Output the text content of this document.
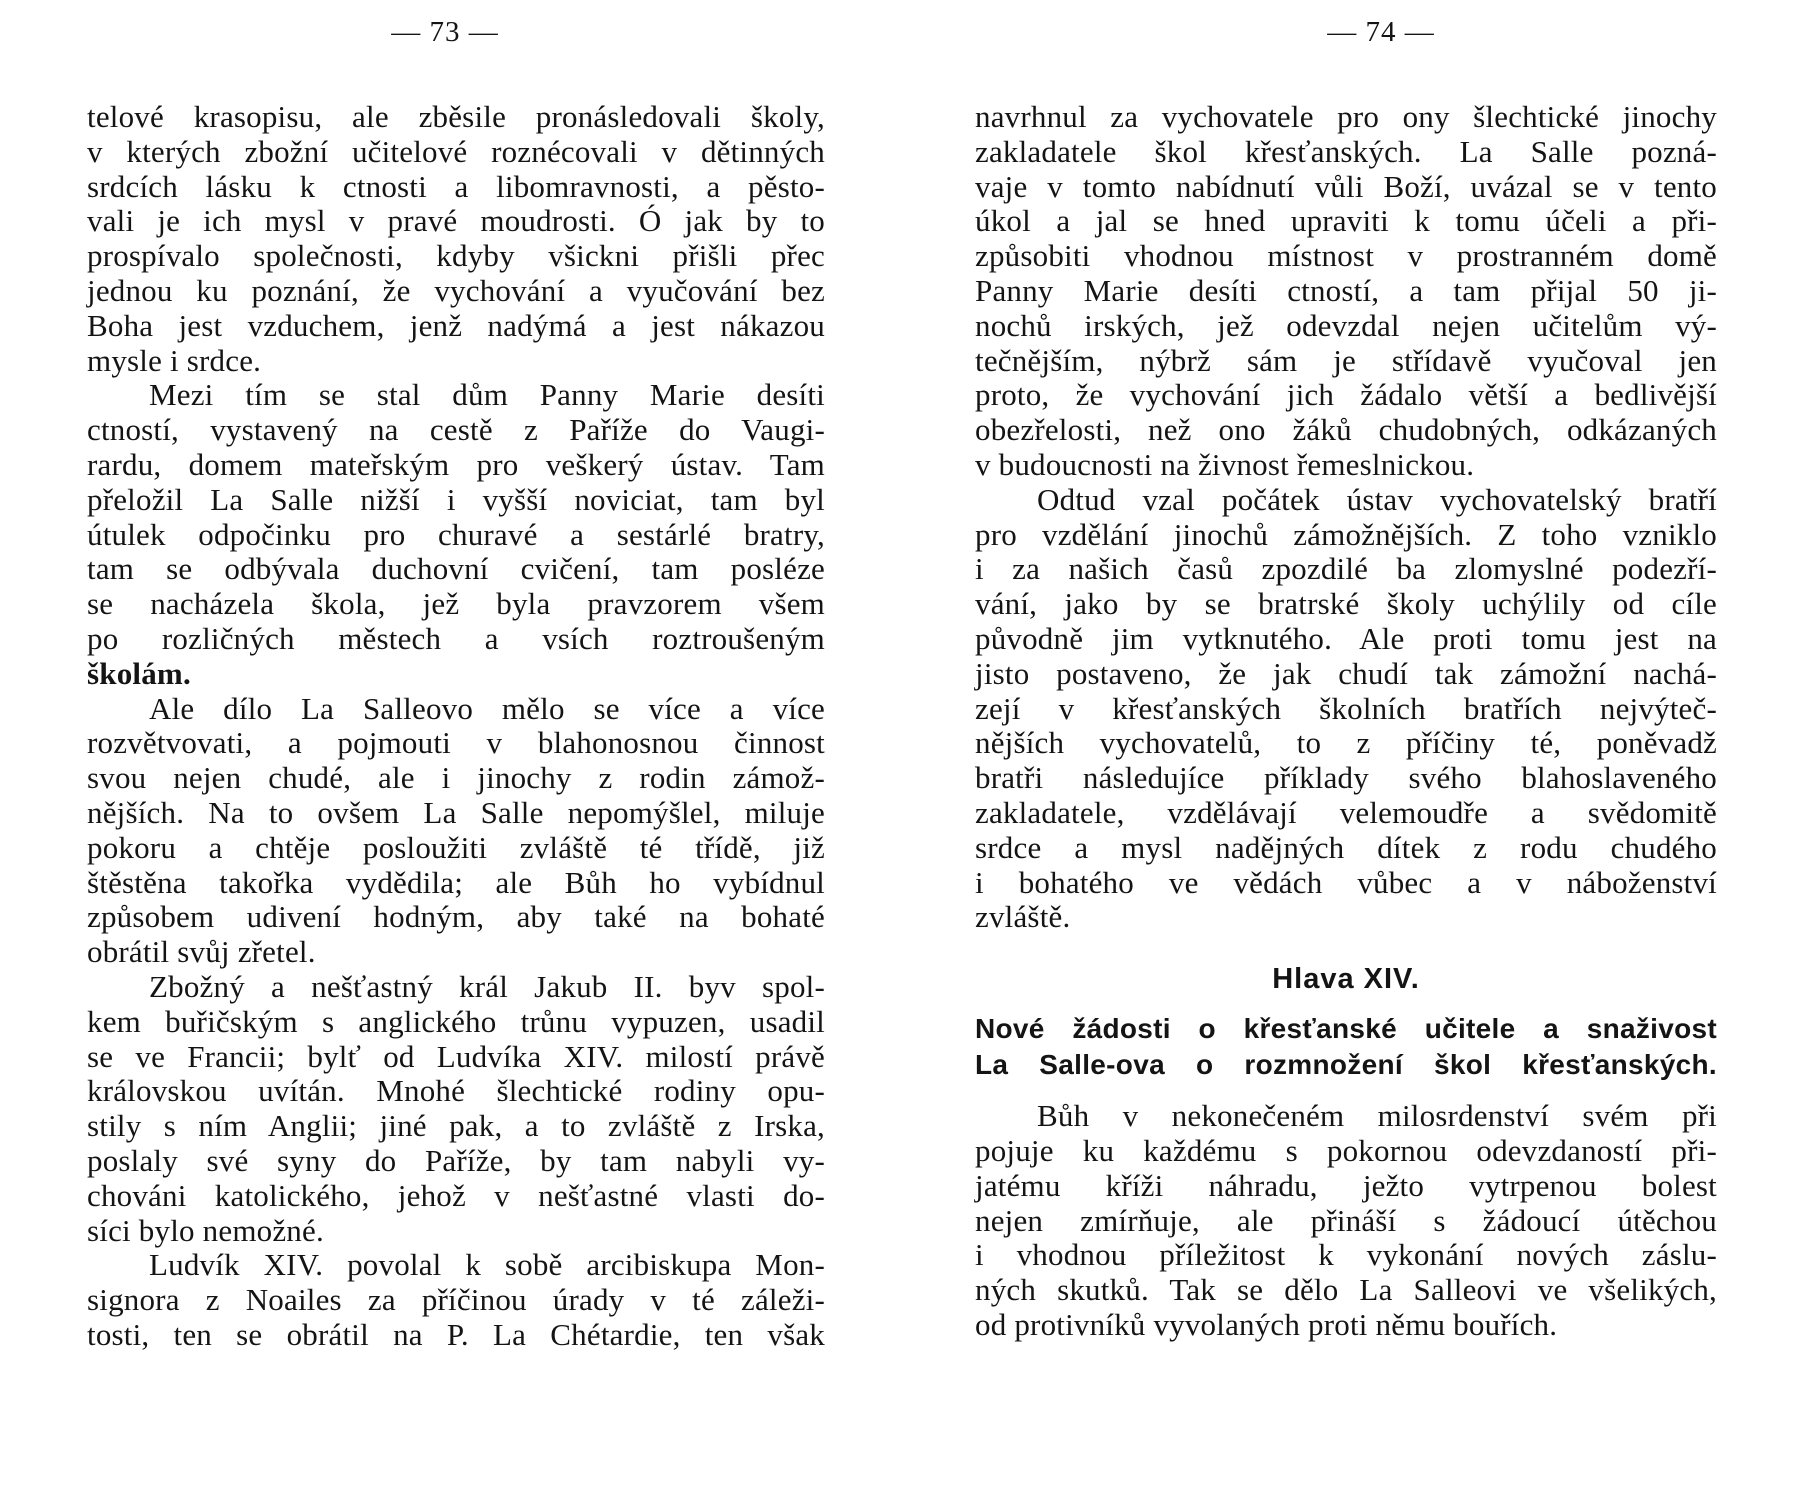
— 73 —
telové krasopisu, ale zběsile pronásledovali školy,
v kterých zbožní učitelové roznécovali v dětinných
srdcích lásku k ctnosti a libomravnosti, a pěsto-
vali je ich mysl v pravé moudrosti. Ó jak by to
prospívalo společnosti, kdyby všickni přišli přec
jednou ku poznání, že vychování a vyučování bez
Boha jest vzduchem, jenž nadýmá a jest nákazou
mysle i srdce.
Mezi tím se stal dům Panny Marie desíti
ctností, vystavený na cestě z Paříže do Vaugi-
rardu, domem mateřským pro veškerý ústav. Tam
přeložil La Salle nižší i vyšší noviciat, tam byl
útulek odpočinku pro churavé a sestárlé bratry,
tam se odbývala duchovní cvičení, tam posléze
se nacházela škola, jež byla pravzorem všem
po rozličných městech a vsích roztroušeným
školám.
Ale dílo La Salleovo mělo se více a více
rozvětvovati, a pojmouti v blahonosnou činnost
svou nejen chudé, ale i jinochy z rodin zámož-
nějších. Na to ovšem La Salle nepomýšlel, miluje
pokoru a chtěje posloužiti zvláště té třídě, již
štěstěna takořka vydědila; ale Bůh ho vybídnul
způsobem udivení hodným, aby také na bohaté
obrátil svůj zřetel.
Zbožný a nešťastný král Jakub II. byv spol-
kem buřičským s anglického trůnu vypuzen, usadil
se ve Francii; bylť od Ludvíka XIV. milostí právě
královskou uvítán. Mnohé šlechtické rodiny opu-
stily s ním Anglii; jiné pak, a to zvláště z Irska,
poslaly své syny do Paříže, by tam nabyli vy-
chováni katolického, jehož v nešťastné vlasti do-
síci bylo nemožné.
Ludvík XIV. povolal k sobě arcibiskupa Mon-
signora z Noailes za příčinou úrady v té záleži-
tosti, ten se obrátil na P. La Chétardie, ten však
— 74 —
navrhnul za vychovatele pro ony šlechtické jinochy
zakladatele škol křesťanských. La Salle pozná-
vaje v tomto nabídnutí vůli Boží, uvázal se v tento
úkol a jal se hned upraviti k tomu účeli a při-
způsobiti vhodnou místnost v prostranném domě
Panny Marie desíti ctností, a tam přijal 50 ji-
nochů irských, jež odevzdal nejen učitelům vý-
tečnějším, nýbrž sám je střídavě vyučoval jen
proto, že vychování jich žádalo větší a bedlivější
obezřelosti, než ono žáků chudobných, odkázaných
v budoucnosti na živnost řemeslnickou.
Odtud vzal počátek ústav vychovatelský bratří
pro vzdělání jinochů zámožnějších. Z toho vzniklo
i za našich časů zpozdilé ba zlomyslné podezří-
vání, jako by se bratrské školy uchýlily od cíle
původně jim vytknutého. Ale proti tomu jest na
jisto postaveno, že jak chudí tak zámožní nachá-
zejí v křesťanských školních bratřích nejvýteč-
nějších vychovatelů, to z příčiny té, poněvadž
bratři následujíce příklady svého blahoslaveného
zakladatele, vzdělávají velemoudře a svědomitě
srdce a mysl nadějných dítek z rodu chudého
i bohatého ve vědách vůbec a v náboženství
zvláště.
Hlava XIV.
Nové žádosti o křesťanské učitele a snaživost
La Salle-ova o rozmnožení škol křesťanských.
Bůh v nekonečeném milosrdenství svém při
pojuje ku každému s pokornou odevzdaností při-
jatému kříži náhradu, ježto vytrpenou bolest
nejen zmírňuje, ale přináší s žádoucí útěchou
i vhodnou příležitost k vykonání nových záslu-
ných skutků. Tak se dělo La Salleovi ve všelikých,
od protivníků vyvolaných proti němu bouřích.
